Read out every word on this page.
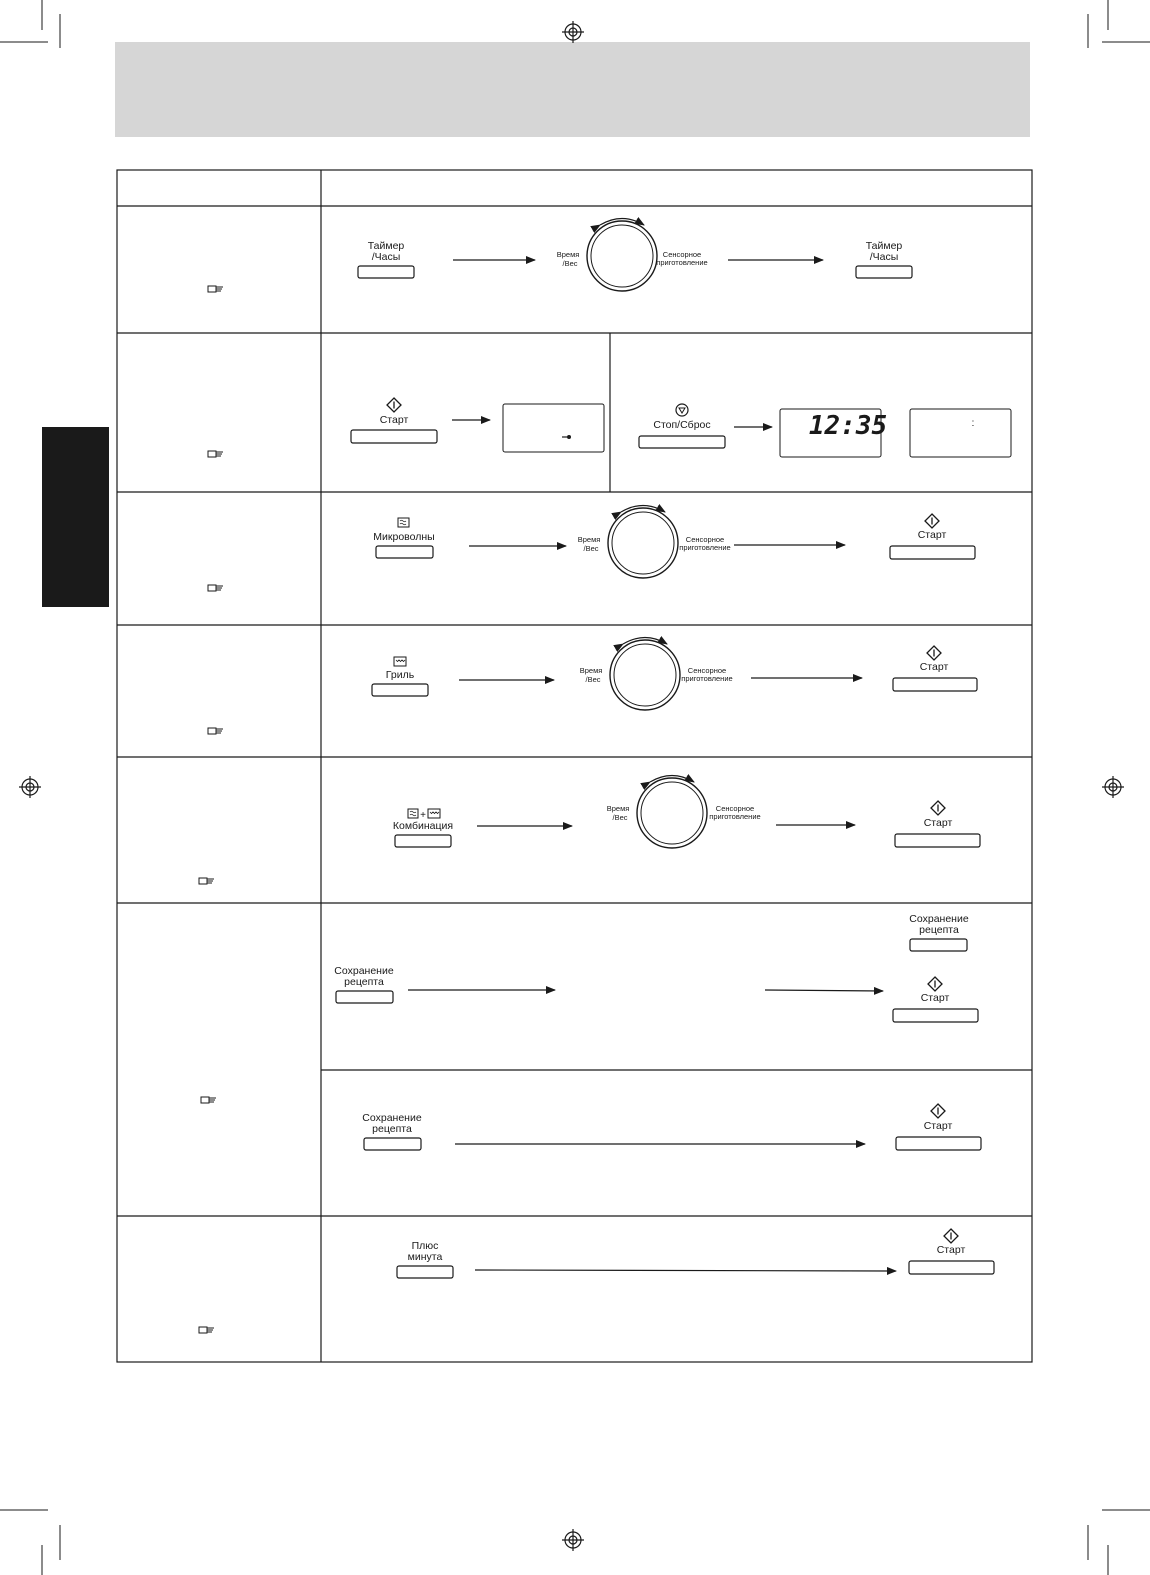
Таймер
/Часы	Время
/Вес
Сенсорное
приготовление
Таймер
/Часы
Старт	Стоп/Сброс	12:35	:
Микроволны	Время
/Вес
Сенсорное
приготовление
Старт
Гриль	Время
/Вес
Сенсорное
приготовление
Старт
+
Комбинация
Время
/Вес
Сенсорное
приготовление
Старт
Сохранение
рецепта
Сохранение
рецепта
Старт
Сохранение
рецепта	Старт
Плюс
минута
Старт
